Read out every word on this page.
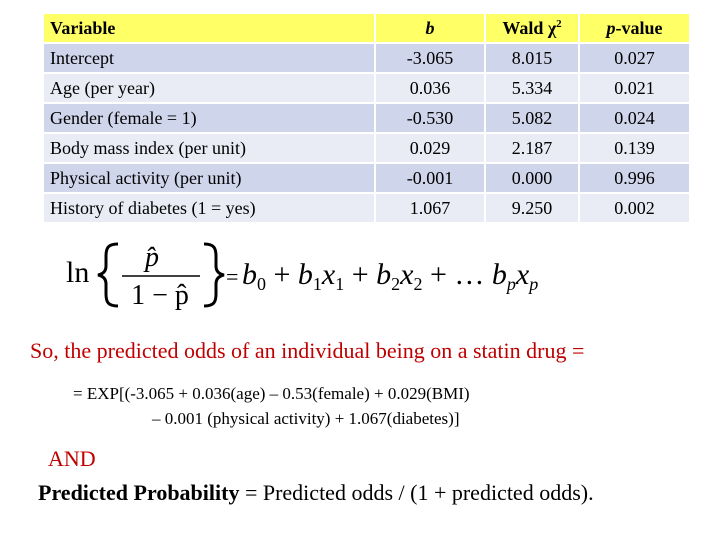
Variable	b	Wald $\chi^2$	p-value
Intercept	-3.065	8.015	0.027
Age (per year)	0.036	5.334	0.021
Gender (female = 1)	-0.530	5.082	0.024
Body mass index (per unit)	0.029	2.187	0.139
Physical activity (per unit)	-0.001	0.000	0.996
History of diabetes (1 = yes)	1.067	9.250	0.002
ln p̂
1 − p̂
= $b_0 + b_1x_1 + b_2x_2$ + … $b_px_p$
So, the predicted odds of an individual being on a statin drug =
= EXP[(-3.065 + 0.036(age) – 0.53(female) + 0.029(BMI)
– 0.001 (physical activity) + 1.067(diabetes)]
AND
Predicted Probability = Predicted odds / (1 + predicted odds).
